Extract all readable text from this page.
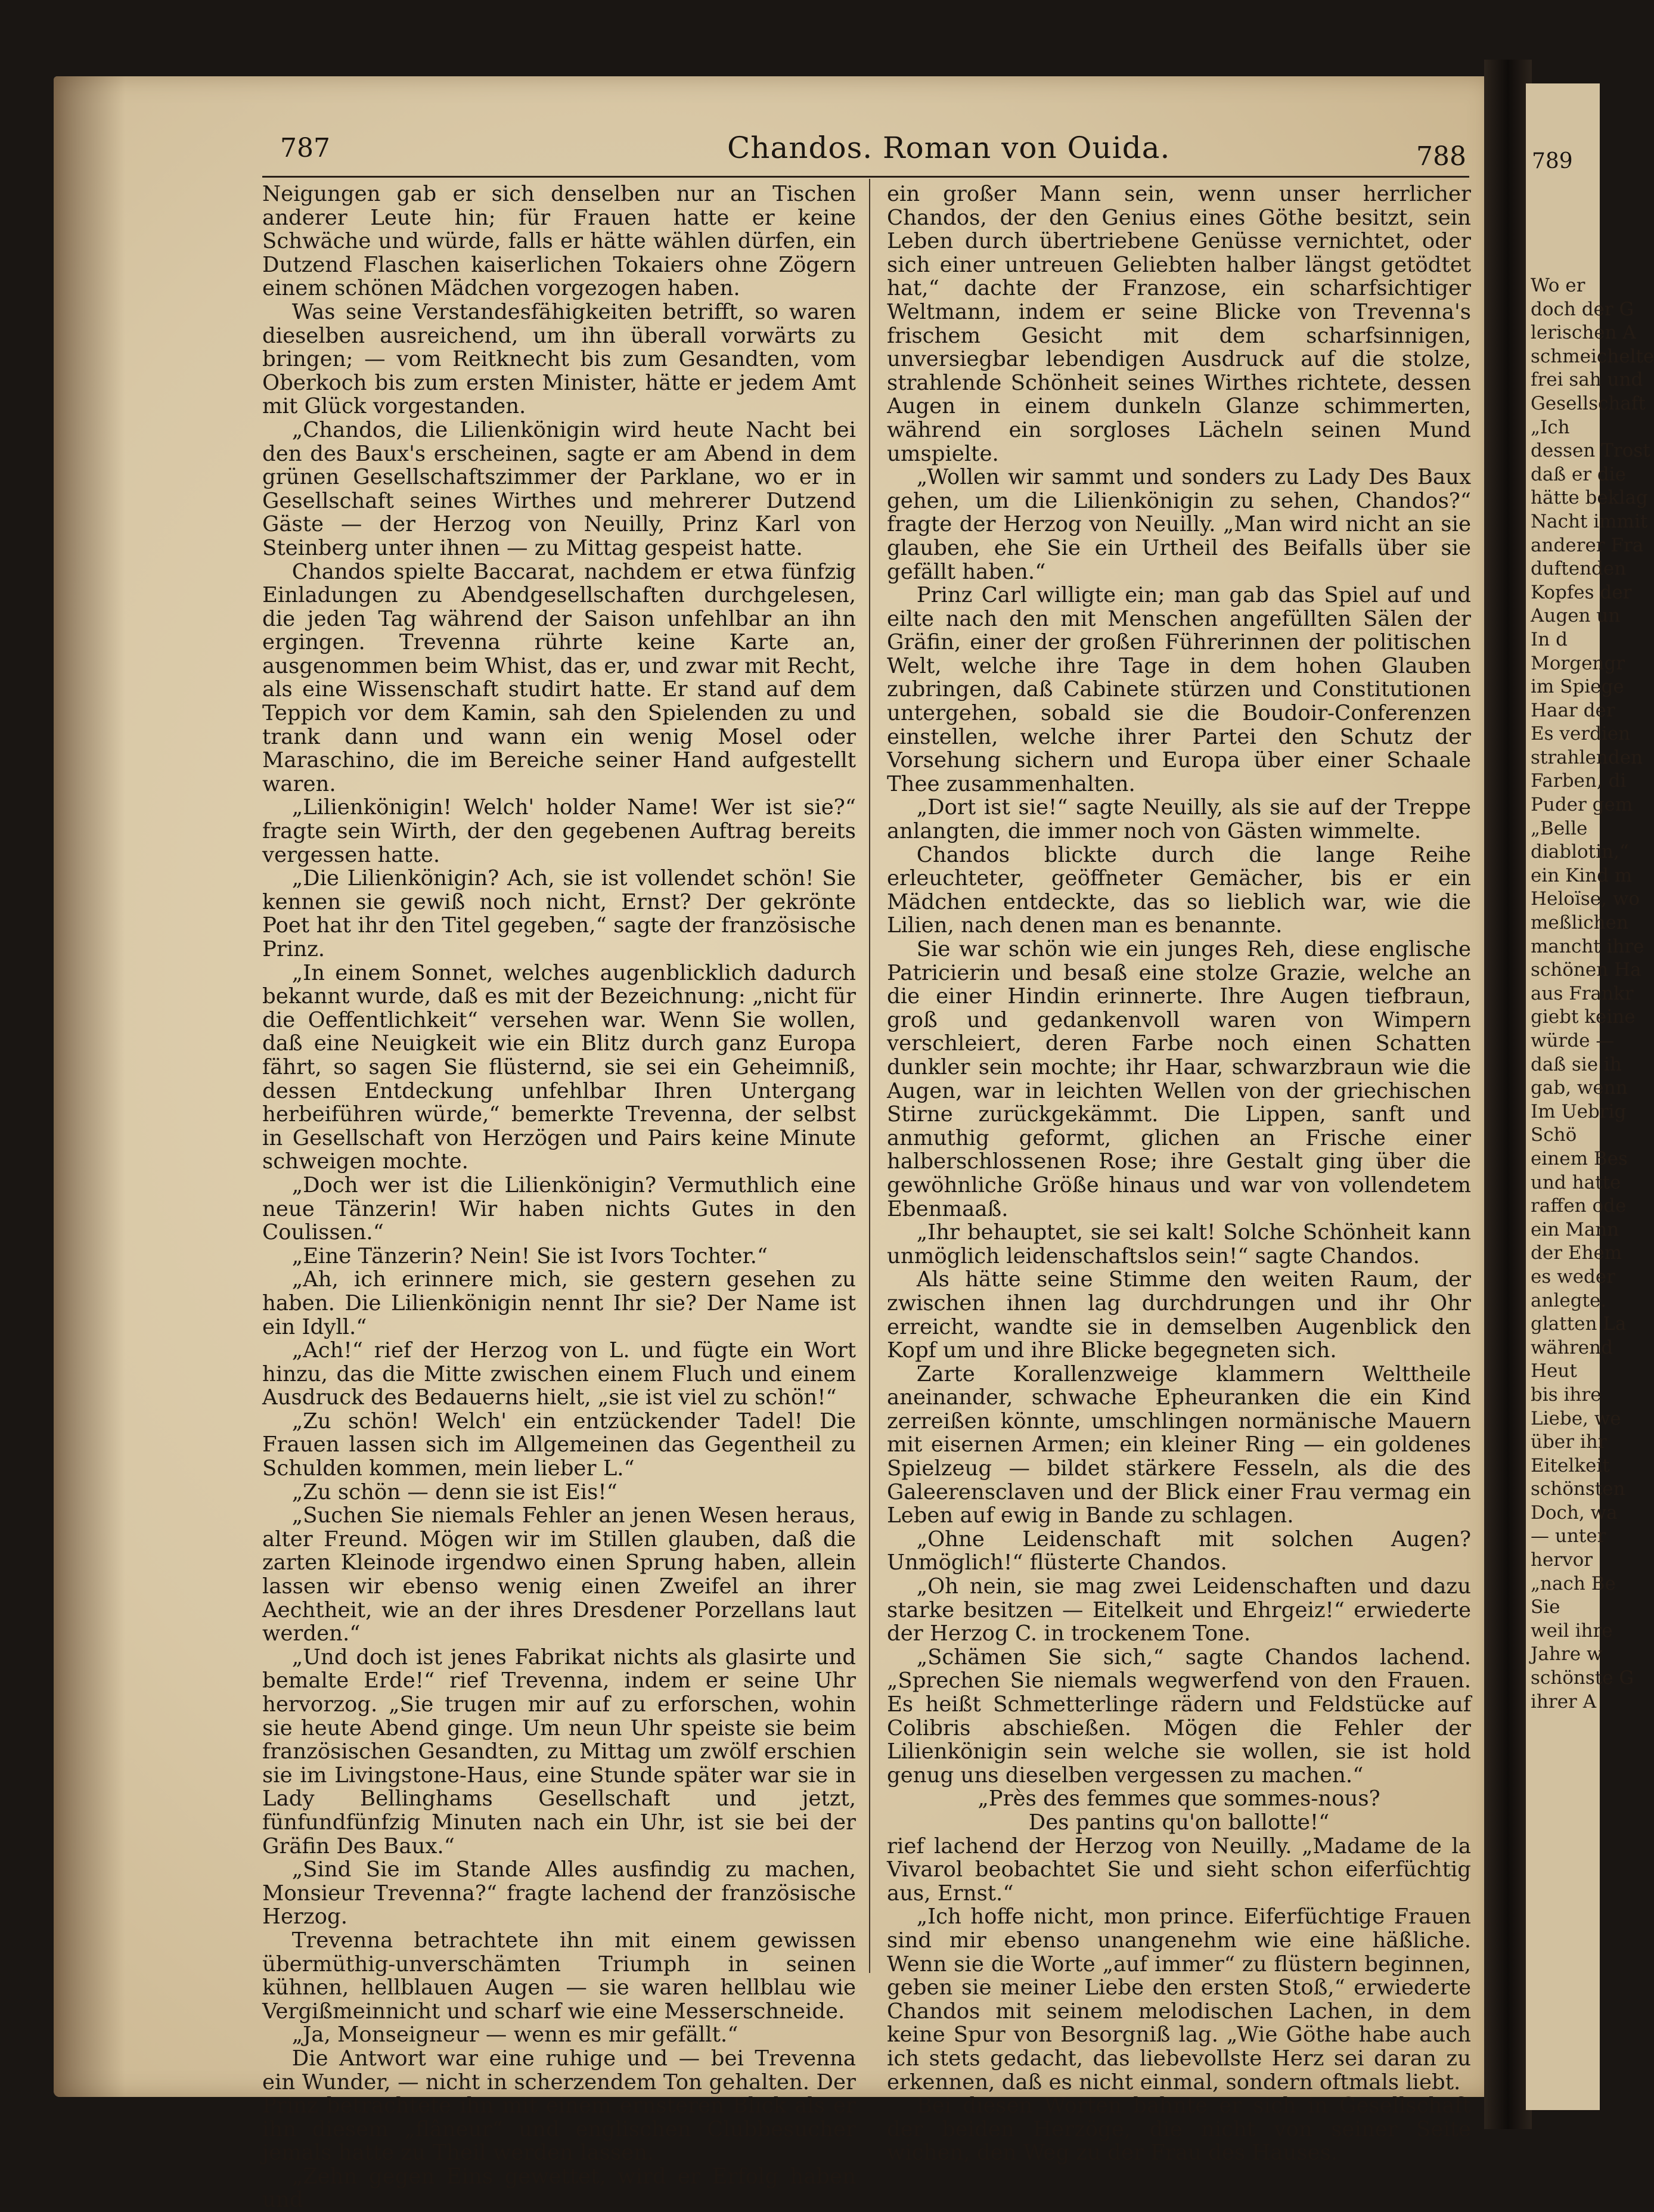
Wo er
doch der G
lerischen A
schmeichelte
frei sah und
Gesellschaft
„Ich
dessen Trost
daß er die
hätte beklag
Nacht immit
anderer Fra
duftenden
Kopfes der
Augen un
In d
Morgengr
im Spiege
Haar der
Es verdien
strahlenden
Farben, di
Puder gem
„Belle
diablotin,“
ein Kind m
Heloïse, wo
meßlichen
mancht ihre
schönen Ha
aus Frankr
giebt keine
würde —
daß sie ih
gab, wenn
Im Uebrig
Schö
einem Bes
und hatte
raffen ode
ein Mann
der Ehem
es weder
anlegte.
glatten La
während
Heut
bis ihre
Liebe, we
über ihr
Eitelkeit
schönsten
Doch, wa
— unter
hervor
„nach Be
Sie
weil ihre
Jahre w
schönste G
ihrer A
787	Chandos. Roman von Ouida.	788	789

Neigungen gab er sich denselben nur an Tischen anderer Leute hin; für Frauen hatte er keine Schwäche und würde, falls er hätte wählen dürfen, ein Dutzend Flaschen kaiserlichen Tokaiers ohne Zögern einem schönen Mädchen vorgezogen haben.

Was seine Verstandesfähigkeiten betrifft, so waren dieselben ausreichend, um ihn überall vorwärts zu bringen; — vom Reitknecht bis zum Gesandten, vom Oberkoch bis zum ersten Minister, hätte er jedem Amt mit Glück vorgestanden.

„Chandos, die Lilienkönigin wird heute Nacht bei den des Baux's erscheinen, sagte er am Abend in dem grünen Gesellschaftszimmer der Parklane, wo er in Gesellschaft seines Wirthes und mehrerer Dutzend Gäste — der Herzog von Neuilly, Prinz Karl von Steinberg unter ihnen — zu Mittag gespeist hatte.

Chandos spielte Baccarat, nachdem er etwa fünfzig Einladungen zu Abendgesellschaften durchgelesen, die jeden Tag während der Saison unfehlbar an ihn ergingen. Trevenna rührte keine Karte an, ausgenommen beim Whist, das er, und zwar mit Recht, als eine Wissenschaft studirt hatte. Er stand auf dem Teppich vor dem Kamin, sah den Spielenden zu und trank dann und wann ein wenig Mosel oder Maraschino, die im Bereiche seiner Hand aufgestellt waren.

„Lilienkönigin! Welch' holder Name! Wer ist sie?“ fragte sein Wirth, der den gegebenen Auftrag bereits vergessen hatte.

„Die Lilienkönigin? Ach, sie ist vollendet schön! Sie kennen sie gewiß noch nicht, Ernst? Der gekrönte Poet hat ihr den Titel gegeben,“ sagte der französische Prinz.

„In einem Sonnet, welches augenblicklich dadurch bekannt wurde, daß es mit der Bezeichnung: „nicht für die Oeffentlichkeit“ versehen war. Wenn Sie wollen, daß eine Neuigkeit wie ein Blitz durch ganz Europa fährt, so sagen Sie flüsternd, sie sei ein Geheimniß, dessen Entdeckung unfehlbar Ihren Untergang herbeiführen würde,“ bemerkte Trevenna, der selbst in Gesellschaft von Herzögen und Pairs keine Minute schweigen mochte.

„Doch wer ist die Lilienkönigin? Vermuthlich eine neue Tänzerin! Wir haben nichts Gutes in den Coulissen.“

„Eine Tänzerin? Nein! Sie ist Ivors Tochter.“

„Ah, ich erinnere mich, sie gestern gesehen zu haben. Die Lilienkönigin nennt Ihr sie? Der Name ist ein Idyll.“

„Ach!“ rief der Herzog von L. und fügte ein Wort hinzu, das die Mitte zwischen einem Fluch und einem Ausdruck des Bedauerns hielt, „sie ist viel zu schön!“

„Zu schön! Welch' ein entzückender Tadel! Die Frauen lassen sich im Allgemeinen das Gegentheil zu Schulden kommen, mein lieber L.“

„Zu schön — denn sie ist Eis!“

„Suchen Sie niemals Fehler an jenen Wesen heraus, alter Freund. Mögen wir im Stillen glauben, daß die zarten Kleinode irgendwo einen Sprung haben, allein lassen wir ebenso wenig einen Zweifel an ihrer Aechtheit, wie an der ihres Dresdener Porzellans laut werden.“

„Und doch ist jenes Fabrikat nichts als glasirte und bemalte Erde!“ rief Trevenna, indem er seine Uhr hervorzog. „Sie trugen mir auf zu erforschen, wohin sie heute Abend ginge. Um neun Uhr speiste sie beim französischen Gesandten, zu Mittag um zwölf erschien sie im Livingstone-Haus, eine Stunde später war sie in Lady Bellinghams Gesellschaft und jetzt, fünfundfünfzig Minuten nach ein Uhr, ist sie bei der Gräfin Des Baux.“

„Sind Sie im Stande Alles ausfindig zu machen, Monsieur Trevenna?“ fragte lachend der französische Herzog.

Trevenna betrachtete ihn mit einem gewissen übermüthig-unverschämten Triumph in seinen kühnen, hellblauen Augen — sie waren hellblau wie Vergißmeinnicht und scharf wie eine Messerschneide.

„Ja, Monseigneur — wenn es mir gefällt.“

Die Antwort war eine ruhige und — bei Trevenna ein Wunder, — nicht in scherzendem Ton gehalten. Der Prinz betrachtete ihn mit einem ernsteren Blick als er ihn diesem „flâneur“ und englischen Clubbesucher jemals hatte zu Theil werden lassen.

„Zehn gegen Eins gewettet, wird er Erfolg haben und

ein großer Mann sein, wenn unser herrlicher Chandos, der den Genius eines Göthe besitzt, sein Leben durch übertriebene Genüsse vernichtet, oder sich einer untreuen Geliebten halber längst getödtet hat,“ dachte der Franzose, ein scharfsichtiger Weltmann, indem er seine Blicke von Trevenna's frischem Gesicht mit dem scharfsinnigen, unversiegbar lebendigen Ausdruck auf die stolze, strahlende Schönheit seines Wirthes richtete, dessen Augen in einem dunkeln Glanze schimmerten, während ein sorgloses Lächeln seinen Mund umspielte.

„Wollen wir sammt und sonders zu Lady Des Baux gehen, um die Lilienkönigin zu sehen, Chandos?“ fragte der Herzog von Neuilly. „Man wird nicht an sie glauben, ehe Sie ein Urtheil des Beifalls über sie gefällt haben.“

Prinz Carl willigte ein; man gab das Spiel auf und eilte nach den mit Menschen angefüllten Sälen der Gräfin, einer der großen Führerinnen der politischen Welt, welche ihre Tage in dem hohen Glauben zubringen, daß Cabinete stürzen und Constitutionen untergehen, sobald sie die Boudoir-Conferenzen einstellen, welche ihrer Partei den Schutz der Vorsehung sichern und Europa über einer Schaale Thee zusammenhalten.

„Dort ist sie!“ sagte Neuilly, als sie auf der Treppe anlangten, die immer noch von Gästen wimmelte.

Chandos blickte durch die lange Reihe erleuchteter, geöffneter Gemächer, bis er ein Mädchen entdeckte, das so lieblich war, wie die Lilien, nach denen man es benannte.

Sie war schön wie ein junges Reh, diese englische Patricierin und besaß eine stolze Grazie, welche an die einer Hindin erinnerte. Ihre Augen tiefbraun, groß und gedankenvoll waren von Wimpern verschleiert, deren Farbe noch einen Schatten dunkler sein mochte; ihr Haar, schwarzbraun wie die Augen, war in leichten Wellen von der griechischen Stirne zurückgekämmt. Die Lippen, sanft und anmuthig geformt, glichen an Frische einer halberschlossenen Rose; ihre Gestalt ging über die gewöhnliche Größe hinaus und war von vollendetem Ebenmaaß.

„Ihr behauptet, sie sei kalt! Solche Schönheit kann unmöglich leidenschaftslos sein!“ sagte Chandos.

Als hätte seine Stimme den weiten Raum, der zwischen ihnen lag durchdrungen und ihr Ohr erreicht, wandte sie in demselben Augenblick den Kopf um und ihre Blicke begegneten sich.

Zarte Korallenzweige klammern Welttheile aneinander, schwache Epheuranken die ein Kind zerreißen könnte, umschlingen normänische Mauern mit eisernen Armen; ein kleiner Ring — ein goldenes Spielzeug — bildet stärkere Fesseln, als die des Galeerensclaven und der Blick einer Frau vermag ein Leben auf ewig in Bande zu schlagen.

„Ohne Leidenschaft mit solchen Augen? Unmöglich!“ flüsterte Chandos.

„Oh nein, sie mag zwei Leidenschaften und dazu starke besitzen — Eitelkeit und Ehrgeiz!“ erwiederte der Herzog C. in trockenem Tone.

„Schämen Sie sich,“ sagte Chandos lachend. „Sprechen Sie niemals wegwerfend von den Frauen. Es heißt Schmetterlinge rädern und Feldstücke auf Colibris abschießen. Mögen die Fehler der Lilienkönigin sein welche sie wollen, sie ist hold genug uns dieselben vergessen zu machen.“

„Près des femmes que sommes-nous?

Des pantins qu'on ballotte!“

rief lachend der Herzog von Neuilly. „Madame de la Vivarol beobachtet Sie und sieht schon eiferfüchtig aus, Ernst.“

„Ich hoffe nicht, mon prince. Eiferfüchtige Frauen sind mir ebenso unangenehm wie eine häßliche. Wenn sie die Worte „auf immer“ zu flüstern beginnen, geben sie meiner Liebe den ersten Stoß,“ erwiederte Chandos mit seinem melodischen Lachen, in dem keine Spur von Besorgniß lag. „Wie Göthe habe auch ich stets gedacht, das liebevollste Herz sei daran zu erkennen, daß es nicht einmal, sondern oftmals liebt.

Bei diesen Worten bahnte er sich in Gesellschaft der beiden Herzöge, die nicht von seiner Seite wichen, den Weg zu der Frau des Hauses.
